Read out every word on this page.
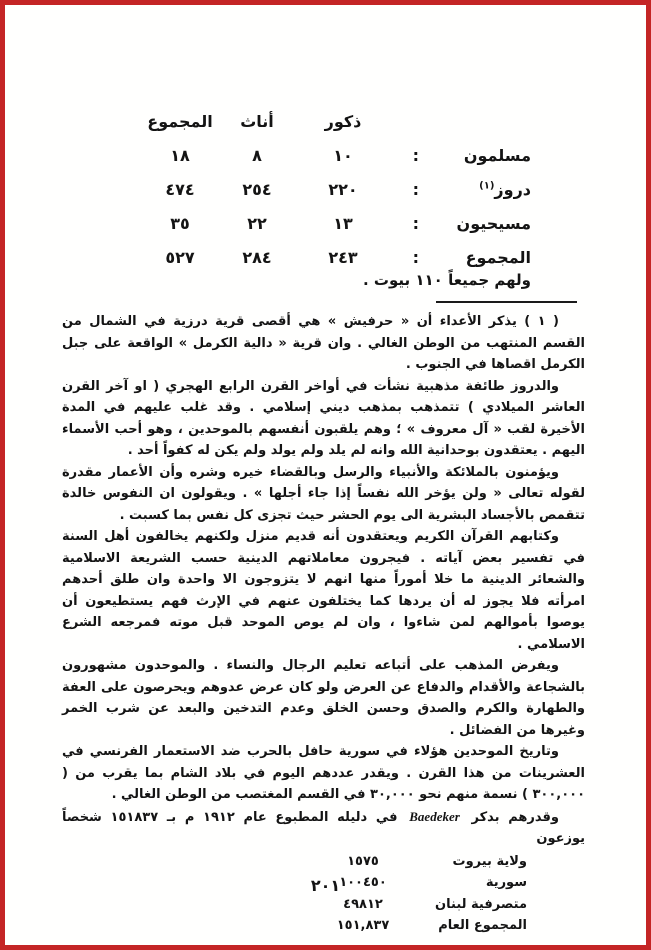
ذكور
أناث
المجموع
مسلمون
:
١٠
٨
١٨
دروز$^{(١)}$
:
٢٢٠
٢٥٤
٤٧٤
مسيحيون
:
١٣
٢٢
٣٥
المجموع
:
٢٤٣
٢٨٤
٥٢٧
ولهم جميعاً ١١٠ بيوت .

( ١ ) يذكر الأعداء أن « حرفيش » هي أقصى قرية درزية في الشمال من القسم المنتهب من الوطن الغالي . وان قرية « دالية الكرمل » الواقعة على جبل الكرمل اقصاها في الجنوب .

والدروز طائفة مذهبية نشأت في أواخر القرن الرابع الهجري ( او آخر القرن العاشر الميلادي ) تتمذهب بمذهب ديني إسلامي . وقد غلب عليهم في المدة الأخيرة لقب « آل معروف » ؛ وهم يلقبون أنفسهم بالموحدين ، وهو أحب الأسماء اليهم . يعتقدون بوحدانية الله وانه لم يلد ولم يولد ولم يكن له كفواً أحد .

ويؤمنون بالملائكة والأنبياء والرسل وبالقضاء خيره وشره وأن الأعمار مقدرة لقوله تعالى « ولن يؤخر الله نفساً إذا جاء أجلها » . ويقولون ان النفوس خالدة تتقمص بالأجساد البشرية الى يوم الحشر حيث تجزى كل نفس بما كسبت .

وكتابهم القرآن الكريم ويعتقدون أنه قديم منزل ولكنهم يخالفون أهل السنة في تفسير بعض آياته . فيجرون معاملاتهم الدينية حسب الشريعة الاسلامية والشعائر الدينية ما خلا أموراً منها انهم لا يتزوجون الا واحدة وان طلق أحدهم امرأته فلا يجوز له أن يردها كما يختلفون عنهم في الإرث فهم يستطيعون أن يوصوا بأموالهم لمن شاءوا ، وان لم يوص الموحد قبل موته فمرجعه الشرع الاسلامي .

ويفرض المذهب على أتباعه تعليم الرجال والنساء . والموحدون مشهورون بالشجاعة والأقدام والدفاع عن العرض ولو كان عرض عدوهم ويحرصون على العفة والطهارة والكرم والصدق وحسن الخلق وعدم التدخين والبعد عن شرب الخمر وغيرها من الفضائل .

وتاريخ الموحدين هؤلاء في سورية حافل بالحرب ضد الاستعمار الفرنسي في العشرينات من هذا القرن . ويقدر عددهم اليوم في بلاد الشام بما يقرب من ( ٣٠٠,٠٠٠ ) نسمة منهم نحو ٣٠,٠٠٠ في القسم المغتصب من الوطن الغالي .

وقدرهم بدكر Baedeker في دليله المطبوع عام ١٩١٢ م بـ ١٥١٨٣٧ شخصاً يوزعون

ولاية بيروت
١٥٧٥
سورية
١٠٠٤٥٠
متصرفية لبنان
٤٩٨١٢
المجموع العام
١٥١,٨٣٧
٢٠١
